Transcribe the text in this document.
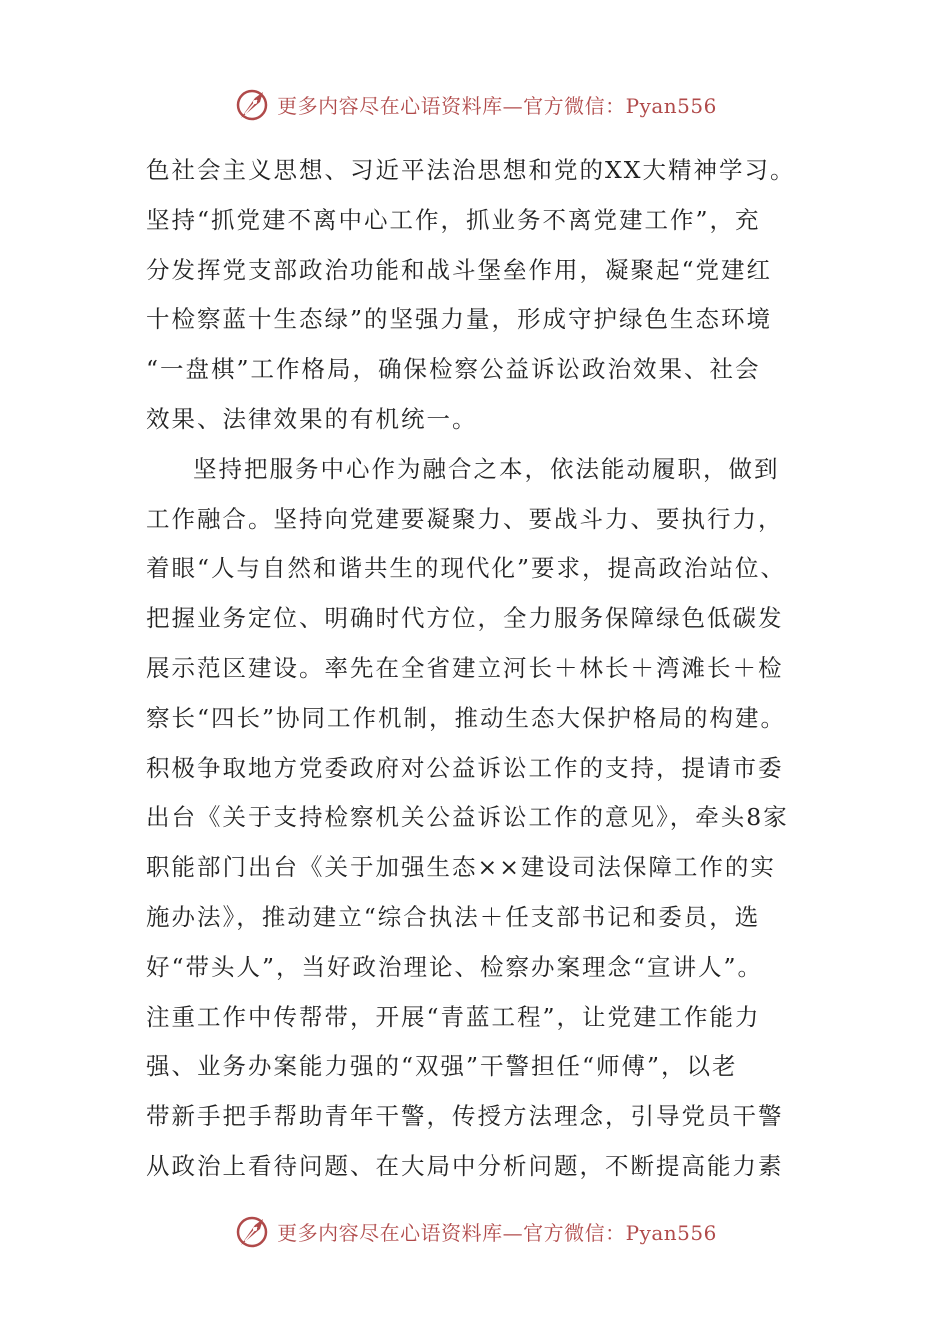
更多内容尽在心语资料库—官方微信：Pyan556
色社会主义思想、习近平法治思想和党的XX大精神学习。
坚持“抓党建不离中心工作，抓业务不离党建工作”，充
分发挥党支部政治功能和战斗堡垒作用，凝聚起“党建红
十检察蓝十生态绿”的坚强力量，形成守护绿色生态环境
“一盘棋”工作格局，确保检察公益诉讼政治效果、社会
效果、法律效果的有机统一。
坚持把服务中心作为融合之本，依法能动履职，做到
工作融合。坚持向党建要凝聚力、要战斗力、要执行力，
着眼“人与自然和谐共生的现代化”要求，提高政治站位、
把握业务定位、明确时代方位，全力服务保障绿色低碳发
展示范区建设。率先在全省建立河长＋林长＋湾滩长＋检
察长“四长”协同工作机制，推动生态大保护格局的构建。
积极争取地方党委政府对公益诉讼工作的支持，提请市委
出台《关于支持检察机关公益诉讼工作的意见》，牵头8家
职能部门出台《关于加强生态××建设司法保障工作的实
施办法》，推动建立“综合执法＋任支部书记和委员，选
好“带头人”，当好政治理论、检察办案理念“宣讲人”。
注重工作中传帮带，开展“青蓝工程”，让党建工作能力
强、业务办案能力强的“双强”干警担任“师傅”，以老
带新手把手帮助青年干警，传授方法理念，引导党员干警
从政治上看待问题、在大局中分析问题，不断提高能力素
更多内容尽在心语资料库—官方微信：Pyan556
